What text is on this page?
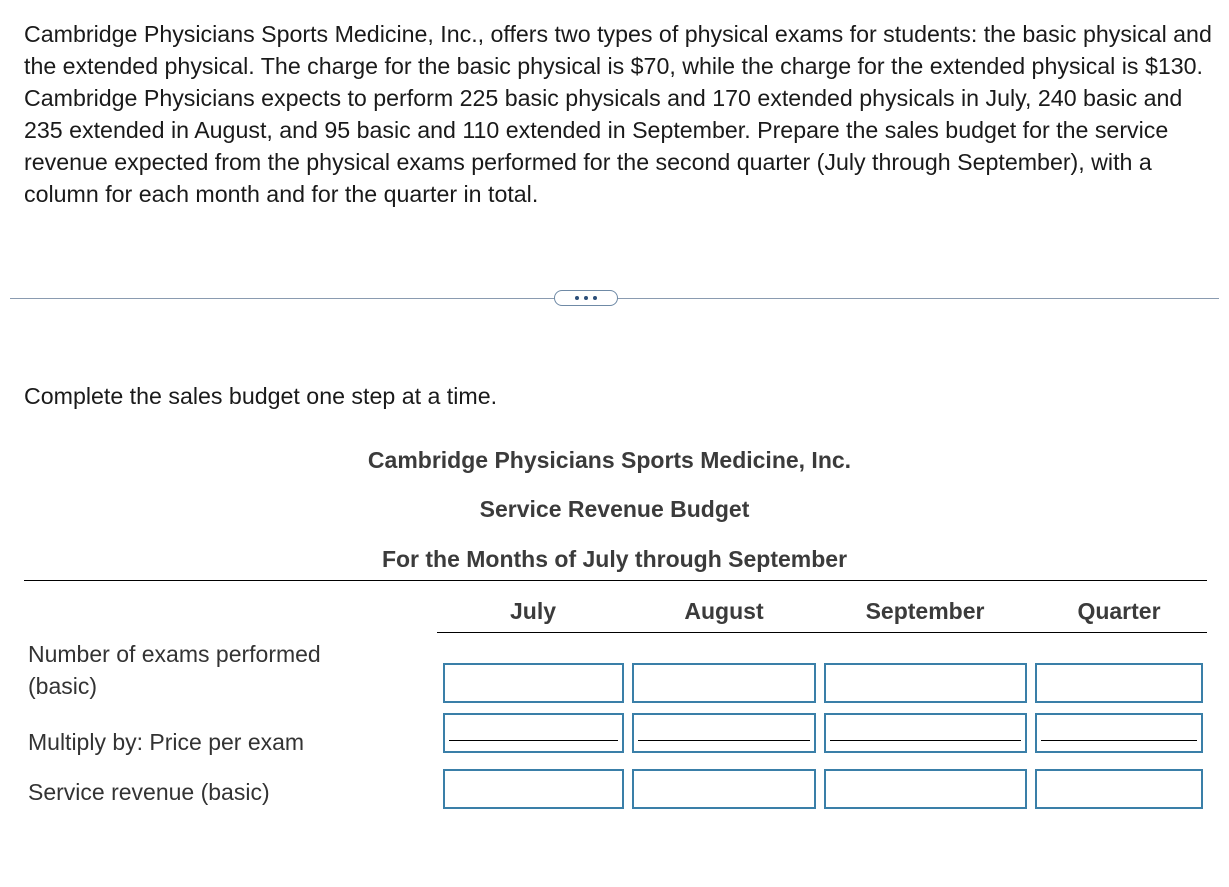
Cambridge Physicians Sports Medicine, Inc., offers two types of physical exams for students: the basic physical and the extended physical. The charge for the basic physical is $70, while the charge for the extended physical is $130. Cambridge Physicians expects to perform 225 basic physicals and 170 extended physicals in July, 240 basic and 235 extended in August, and 95 basic and 110 extended in September. Prepare the sales budget for the service revenue expected from the physical exams performed for the second quarter (July through September), with a column for each month and for the quarter in total.

Complete the sales budget one step at a time.

Cambridge Physicians Sports Medicine, Inc.
Service Revenue Budget
For the Months of July through September
July	August	September	Quarter
Number of exams performed (basic)
Multiply by: Price per exam
Service revenue (basic)
